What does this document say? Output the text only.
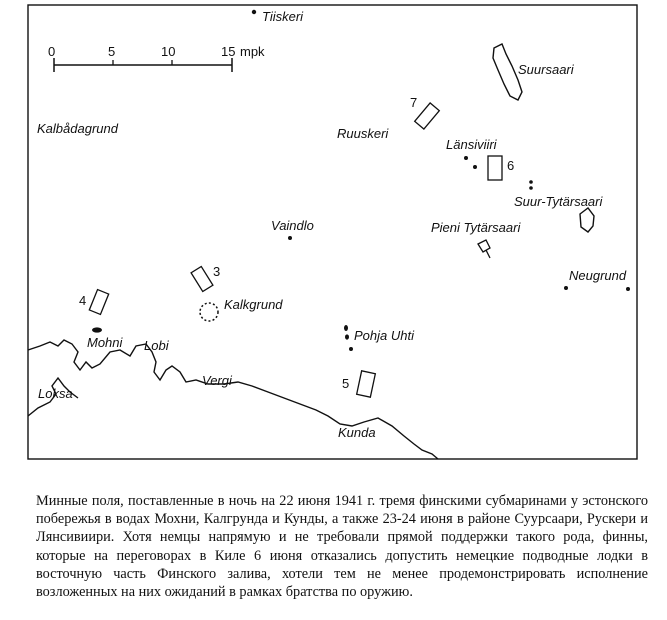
0	5	10	15 mpk
7
6
3
4
5
Tiiskeri
Suursaari
Kalbådagrund	Ruuskeri
Länsiviiri
Suur-Tytärsaari
Vaindlo	Pieni Tytärsaari
Neugrund
Kalkgrund
Mohni Lobi
Pohja Uhti
Vergi
Loksa
Kunda

Минные поля, поставленные в ночь на 22 июня 1941 г. тремя финскими субмаринами у эстонского побережья в водах Мохни, Калгрунда и Кунды, а также 23-24 июня в районе Суурсаари, Рускери и Лянсивиири. Хотя немцы напрямую и не требовали прямой поддержки такого рода, финны, которые на переговорах в Киле 6 июня отказались допустить немецкие подводные лодки в восточную часть Финского залива, хотели тем не менее продемонстрировать исполнение возложенных на них ожиданий в рамках братства по оружию.
